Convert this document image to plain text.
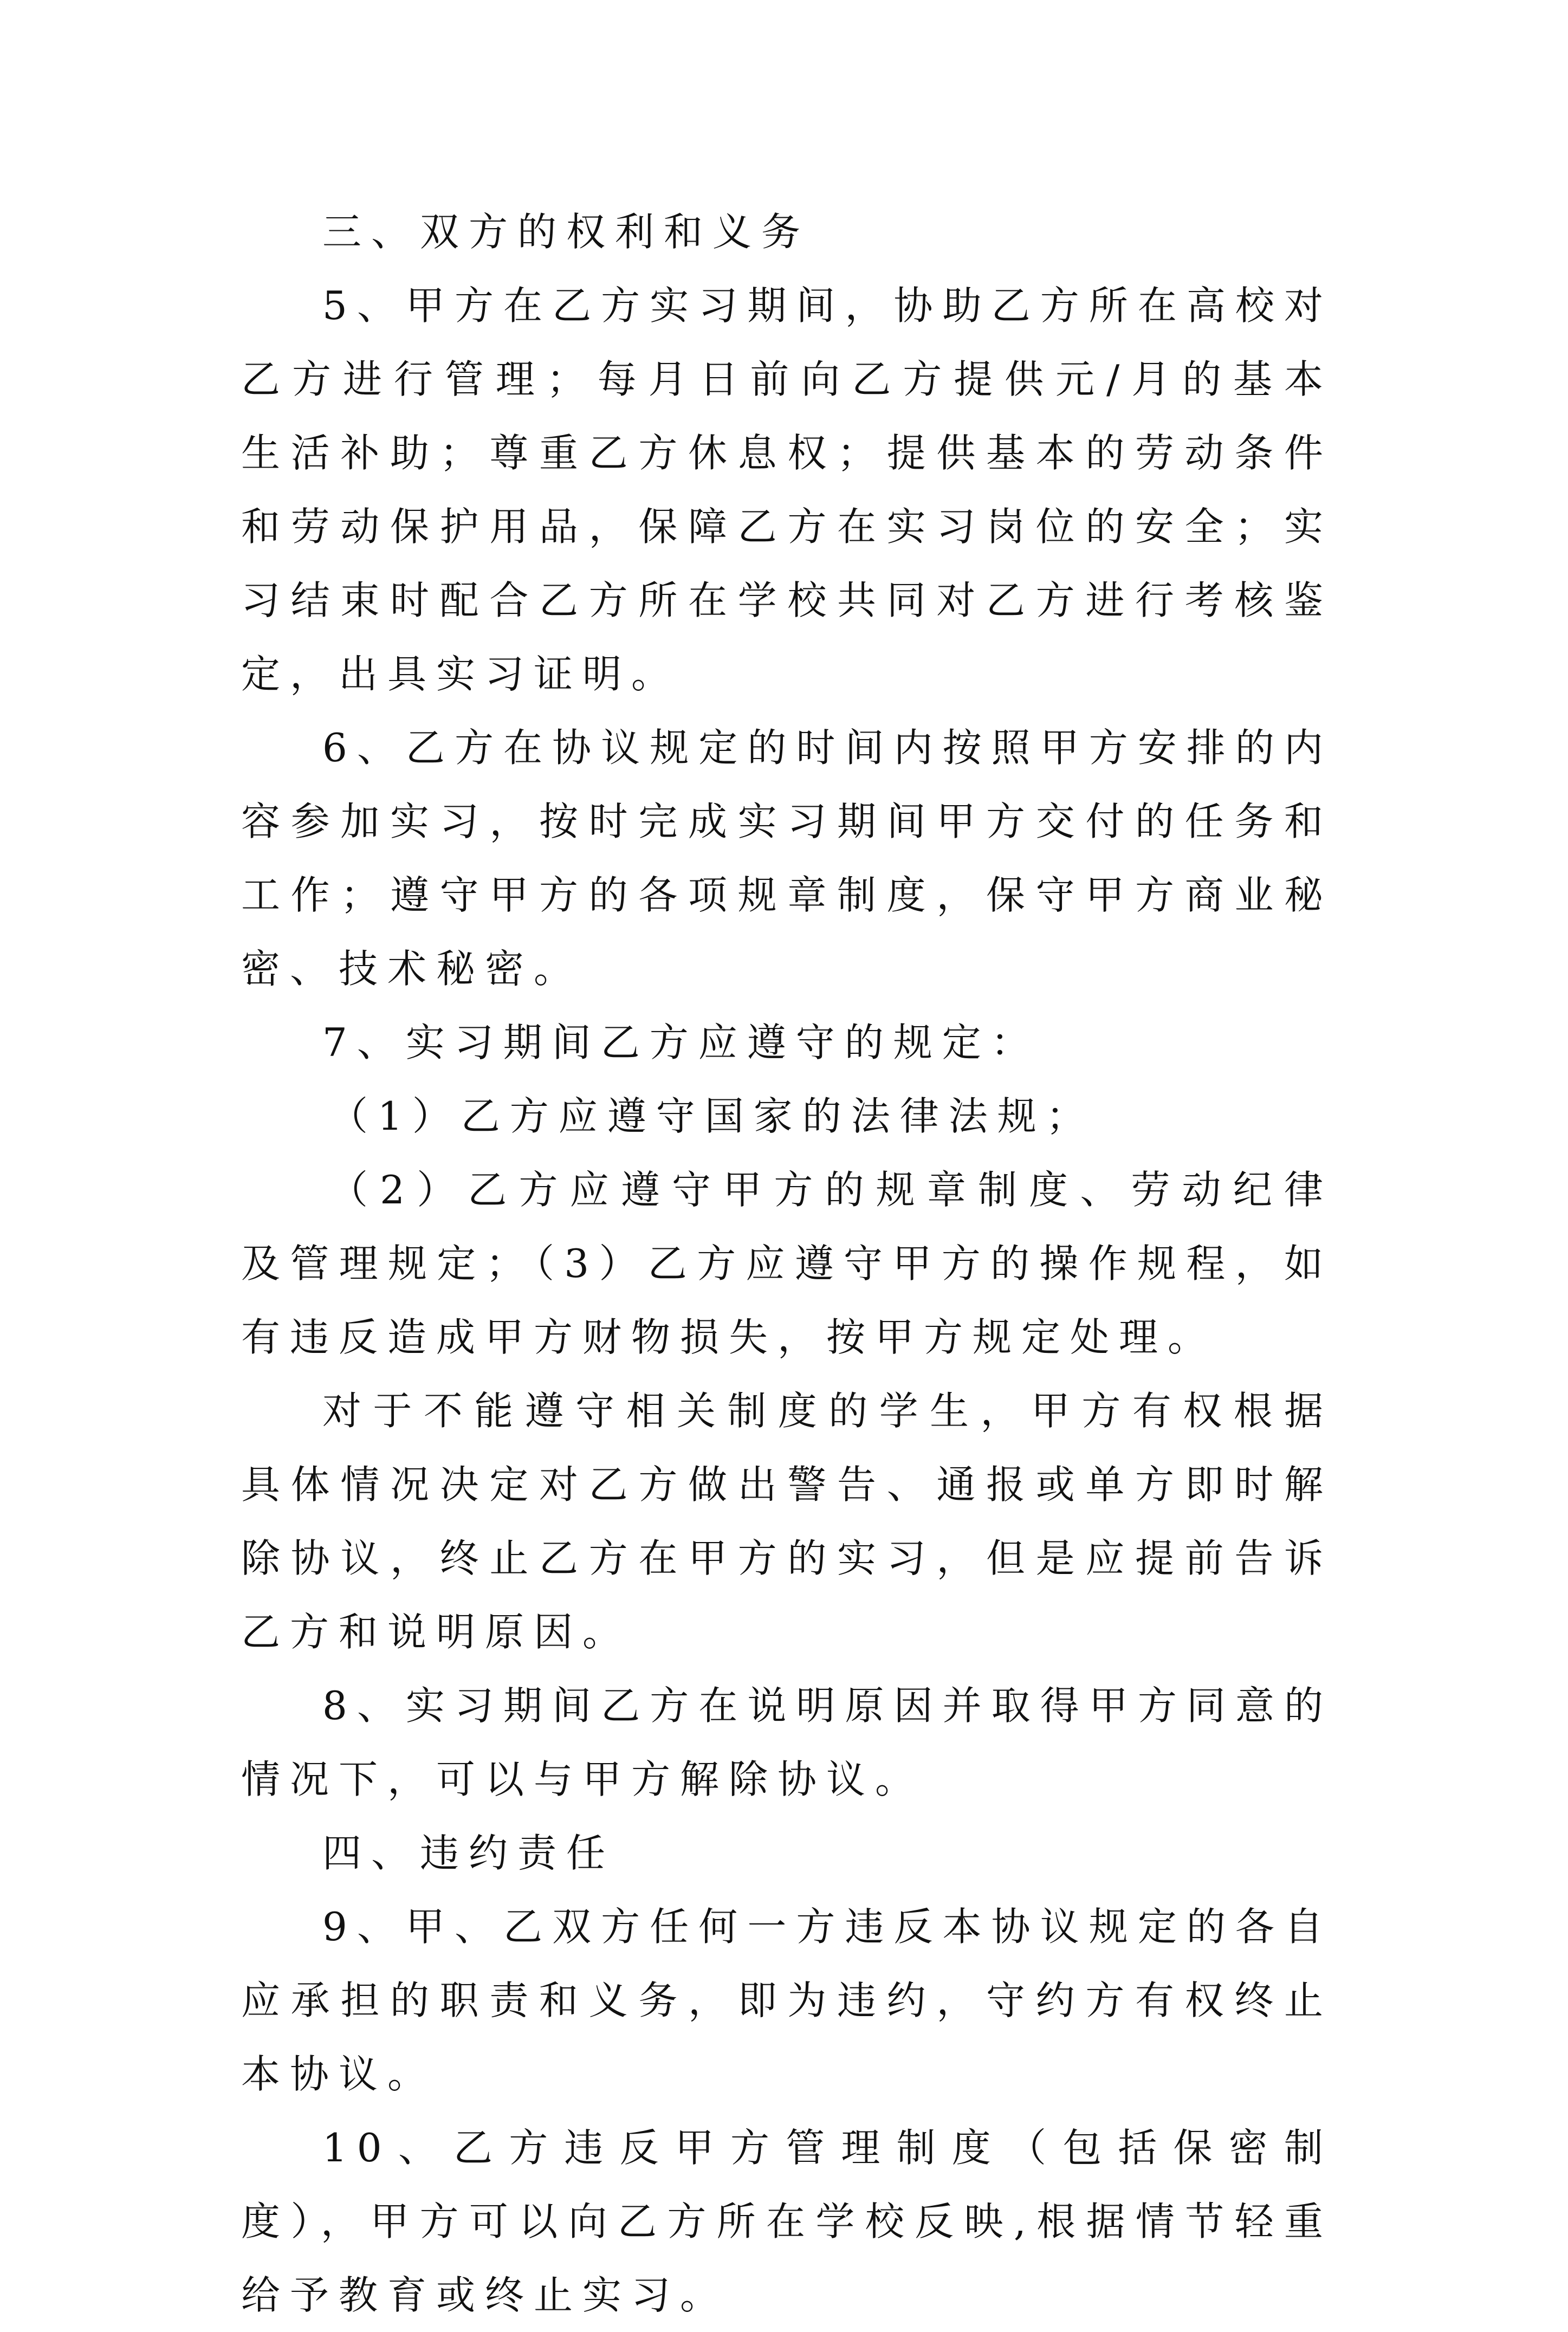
三、双方的权利和义务

5、甲方在乙方实习期间，协助乙方所在高校对乙方进行管理；每月日前向乙方提供元/月的基本生活补助；尊重乙方休息权；提供基本的劳动条件和劳动保护用品，保障乙方在实习岗位的安全；实习结束时配合乙方所在学校共同对乙方进行考核鉴定，出具实习证明。

6、乙方在协议规定的时间内按照甲方安排的内容参加实习，按时完成实习期间甲方交付的任务和工作；遵守甲方的各项规章制度，保守甲方商业秘密、技术秘密。

7、实习期间乙方应遵守的规定：

（1）乙方应遵守国家的法律法规；

（2）乙方应遵守甲方的规章制度、劳动纪律及管理规定；（3）乙方应遵守甲方的操作规程，如有违反造成甲方财物损失，按甲方规定处理。

对于不能遵守相关制度的学生，甲方有权根据具体情况决定对乙方做出警告、通报或单方即时解除协议，终止乙方在甲方的实习，但是应提前告诉乙方和说明原因。

8、实习期间乙方在说明原因并取得甲方同意的情况下，可以与甲方解除协议。

四、违约责任

9、甲、乙双方任何一方违反本协议规定的各自应承担的职责和义务，即为违约，守约方有权终止本协议。

10、乙方违反甲方管理制度（包括保密制度），甲方可以向乙方所在学校反映,根据情节轻重给予教育或终止实习。
